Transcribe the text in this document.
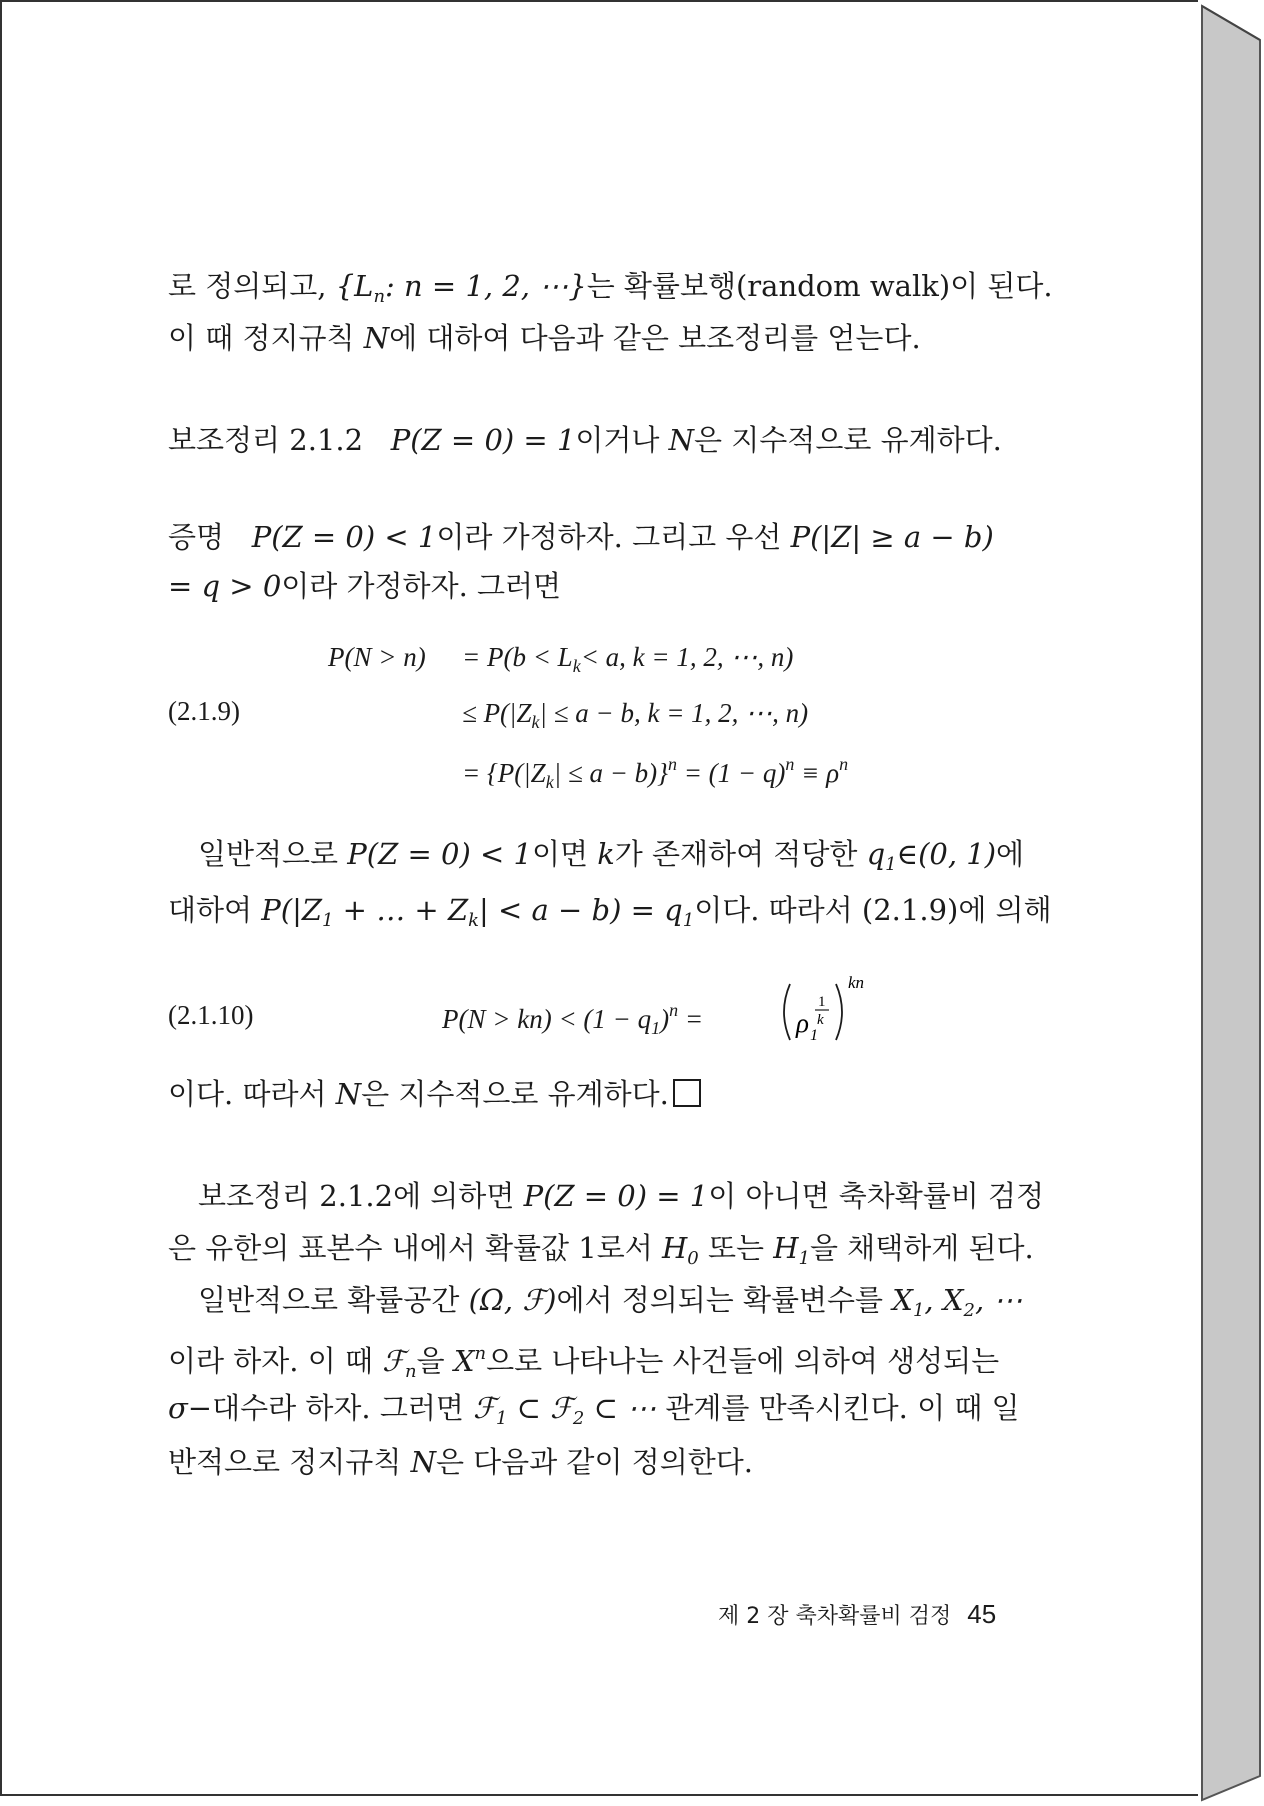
로 정의되고, {$L_n$: n = 1, 2, ⋯}는 확률보행(random walk)이 된다.
이 때 정지규칙 N에 대하여 다음과 같은 보조정리를 얻는다.
보조정리 2.1.2 P(Z = 0) = 1이거나 N은 지수적으로 유계하다.
증명 P(Z = 0) < 1이라 가정하자. 그리고 우선 P(|Z| ≥ a − b)
= q > 0이라 가정하자. 그러면
(2.1.9)
$P(N > n) = P(b < L_k< a$, k = 1, 2, ⋯, n)
≤ $P(|Z_k| \le a - b$, k = 1, 2, ⋯, n)
= $\{P(|Z_k| \le a - b)\}^n = (1 - q)^n \equiv \rho^n$
일반적으로 P(Z = 0) < 1이면 k가 존재하여 적당한 $q_1\in(0$, 1)에
대하여 $P(|Z_1$ + … + $Z_k| < a - b) = q_1$이다. 따라서 (2.1.9)에 의해
(2.1.10)	$P(N > kn) < (1 - q_1)^n$ =	ρ 1
1
k
kn
이다. 따라서 N은 지수적으로 유계하다.
보조정리 2.1.2에 의하면 P(Z = 0) = 1이 아니면 축차확률비 검정
은 유한의 표본수 내에서 확률값 1로서 $H_0$ 또는 $H_1$을 채택하게 된다.
일반적으로 확률공간 (Ω, ℱ)에서 정의되는 확률변수를 $X_1$, $X_2$, ⋯
이라 하자. 이 때 ℱ$_n$을 $X^n$으로 나타나는 사건들에 의하여 생성되는
σ−대수라 하자. 그러면 ℱ$_1$ ⊂ ℱ$_2$ ⊂ ⋯ 관계를 만족시킨다. 이 때 일
반적으로 정지규칙 N은 다음과 같이 정의한다.
제 2 장 축차확률비 검정 45
